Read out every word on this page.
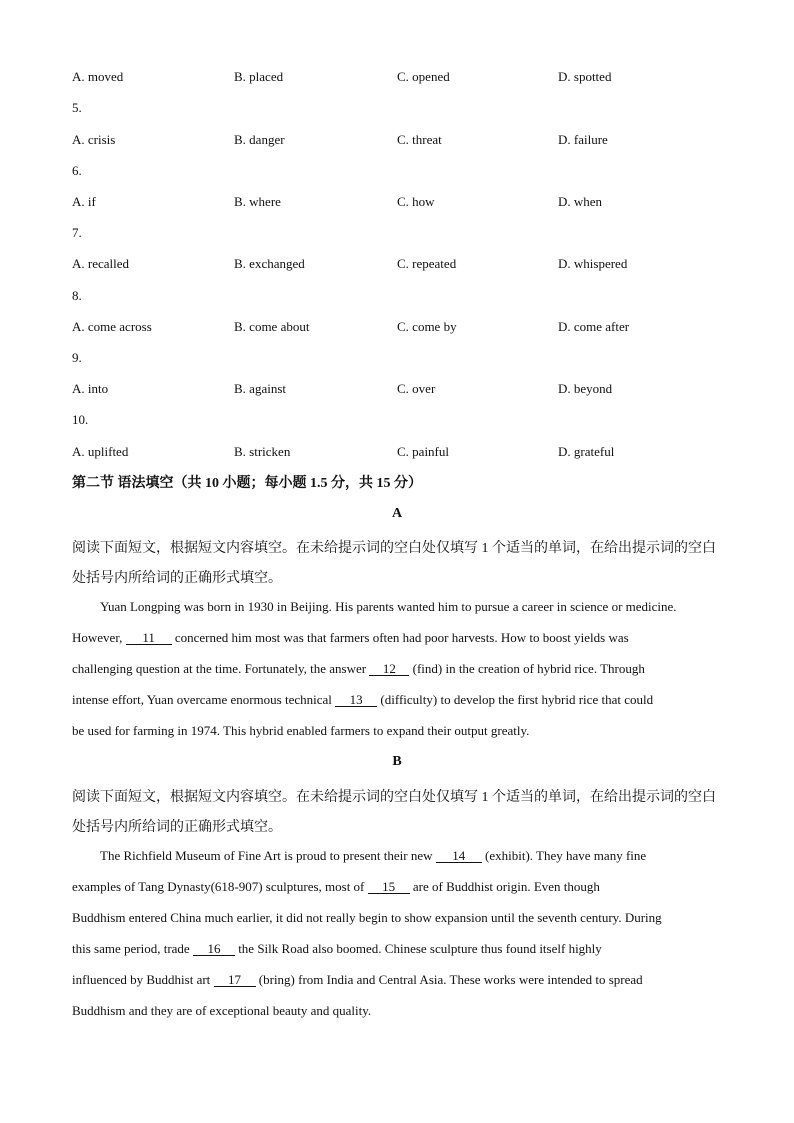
A. moved	B. placed	C. opened	D. spotted
5.
A. crisis	B. danger	C. threat	D. failure
6.
A. if	B. where	C. how	D. when
7.
A. recalled	B. exchanged	C. repeated	D. whispered
8.
A. come across	B. come about	C. come by	D. come after
9.
A. into	B. against	C. over	D. beyond
10.
A. uplifted	B. stricken	C. painful	D. grateful
第二节 语法填空（共 10 小题；每小题 1.5 分，共 15 分）
A
阅读下面短文，根据短文内容填空。在未给提示词的空白处仅填写 1 个适当的单词，在给出提示词的空白
处括号内所给词的正确形式填空。
Yuan Longping was born in 1930 in Beijing. His parents wanted him to pursue a career in science or medicine.
However, 11 concerned him most was that farmers often had poor harvests. How to boost yields was
challenging question at the time. Fortunately, the answer 12 (find) in the creation of hybrid rice. Through
intense effort, Yuan overcame enormous technical 13 (difficulty) to develop the first hybrid rice that could
be used for farming in 1974. This hybrid enabled farmers to expand their output greatly.
B
阅读下面短文，根据短文内容填空。在未给提示词的空白处仅填写 1 个适当的单词，在给出提示词的空白
处括号内所给词的正确形式填空。
The Richfield Museum of Fine Art is proud to present their new 14 (exhibit). They have many fine
examples of Tang Dynasty(618-907) sculptures, most of 15 are of Buddhist origin. Even though
Buddhism entered China much earlier, it did not really begin to show expansion until the seventh century. During
this same period, trade 16 the Silk Road also boomed. Chinese sculpture thus found itself highly
influenced by Buddhist art 17 (bring) from India and Central Asia. These works were intended to spread
Buddhism and they are of exceptional beauty and quality.
